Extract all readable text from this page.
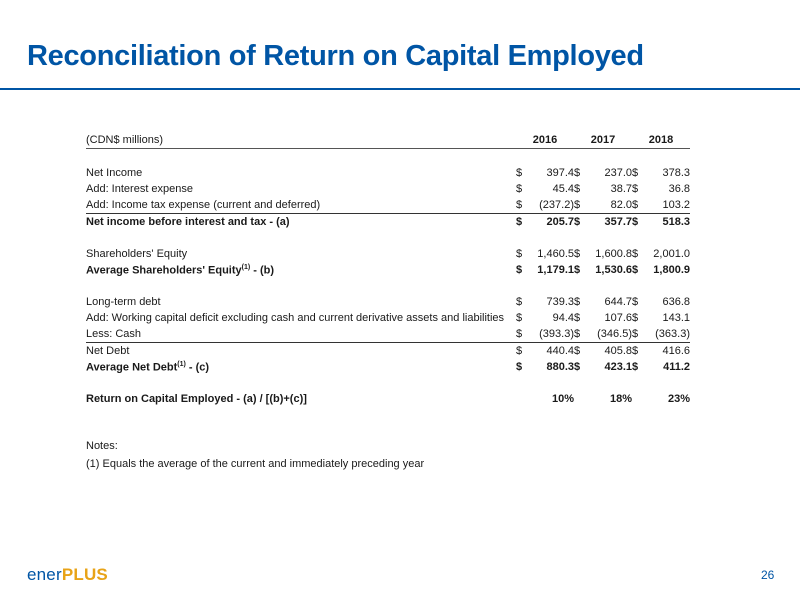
Reconciliation of Return on Capital Employed
(CDN$ millions)	2016		2017		2018	

Net Income	$	397.4	$	237.0	$	378.3
Add: Interest expense	$	45.4	$	38.7	$	36.8
Add: Income tax expense (current and deferred)	$	(237.2)	$	82.0	$	103.2
Net income before interest and tax - (a)	$	205.7	$	357.7	$	518.3

Shareholders' Equity	$	1,460.5	$	1,600.8	$	2,001.0
Average Shareholders' Equity$^{(1)}$ - (b)	$	1,179.1	$	1,530.6	$	1,800.9

Long-term debt	$	739.3	$	644.7	$	636.8
Add: Working capital deficit excluding cash and current derivative assets and liabilities	$	94.4	$	107.6	$	143.1
Less: Cash	$	(393.3)	$	(346.5)	$	(363.3)
Net Debt	$	440.4	$	405.8	$	416.6
Average Net Debt$^{(1)}$ - (c)	$	880.3	$	423.1	$	411.2

Return on Capital Employed - (a) / [(b)+(c)]		10%		18%		23%
Notes:
(1) Equals the average of the current and immediately preceding year
enerPLUS	26
